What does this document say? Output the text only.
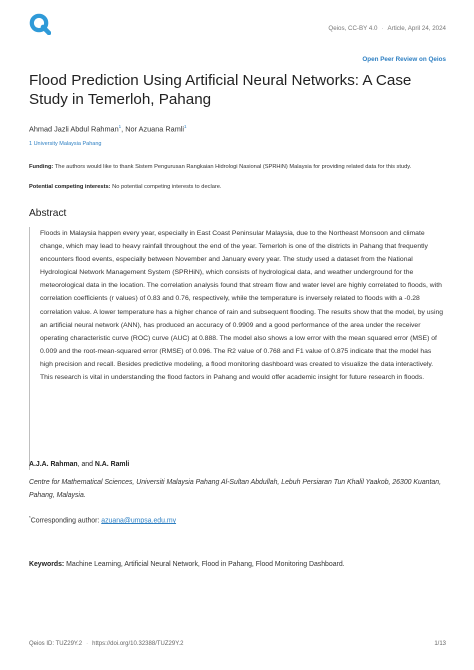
Qeios, CC-BY 4.0 · Article, April 24, 2024
Open Peer Review on Qeios
Flood Prediction Using Artificial Neural Networks: A Case Study in Temerloh, Pahang
Ahmad Jazli Abdul Rahman$^1$, Nor Azuana Ramli$^1$
1 University Malaysia Pahang
Funding: The authors would like to thank Sistem Pengurusan Rangkaian Hidrologi Nasional (SPRHiN) Malaysia for providing related data for this study.
Potential competing interests: No potential competing interests to declare.
Abstract

Floods in Malaysia happen every year, especially in East Coast Peninsular Malaysia, due to the Northeast Monsoon and climate change, which may lead to heavy rainfall throughout the end of the year. Temerloh is one of the districts in Pahang that frequently encounters flood events, especially between November and January every year. The study used a dataset from the National Hydrological Network Management System (SPRHiN), which consists of hydrological data, and weather underground for the meteorological data in the location. The correlation analysis found that stream flow and water level are highly correlated to floods, with correlation coefficients (r values) of 0.83 and 0.76, respectively, while the temperature is inversely related to floods with a -0.28 correlation value. A lower temperature has a higher chance of rain and subsequent flooding. The results show that the model, by using an artificial neural network (ANN), has produced an accuracy of 0.9909 and a good performance of the area under the receiver operating characteristic curve (ROC) curve (AUC) at 0.888. The model also shows a low error with the mean squared error (MSE) of 0.009 and the root-mean-squared error (RMSE) of 0.096. The R2 value of 0.768 and F1 value of 0.875 indicate that the model has high precision and recall. Besides predictive modeling, a flood monitoring dashboard was created to visualize the data interactively. This research is vital in understanding the flood factors in Pahang and would offer academic insight for future research in floods.

A.J.A. Rahman, and N.A. Ramli
Centre for Mathematical Sciences, Universiti Malaysia Pahang Al-Sultan Abdullah, Lebuh Persiaran Tun Khalil Yaakob, 26300 Kuantan, Pahang, Malaysia.
*Corresponding author: azuana@umpsa.edu.my
Keywords: Machine Learning, Artificial Neural Network, Flood in Pahang, Flood Monitoring Dashboard.
Qeios ID: TUZ29Y.2 · https://doi.org/10.32388/TUZ29Y.2	1/13
